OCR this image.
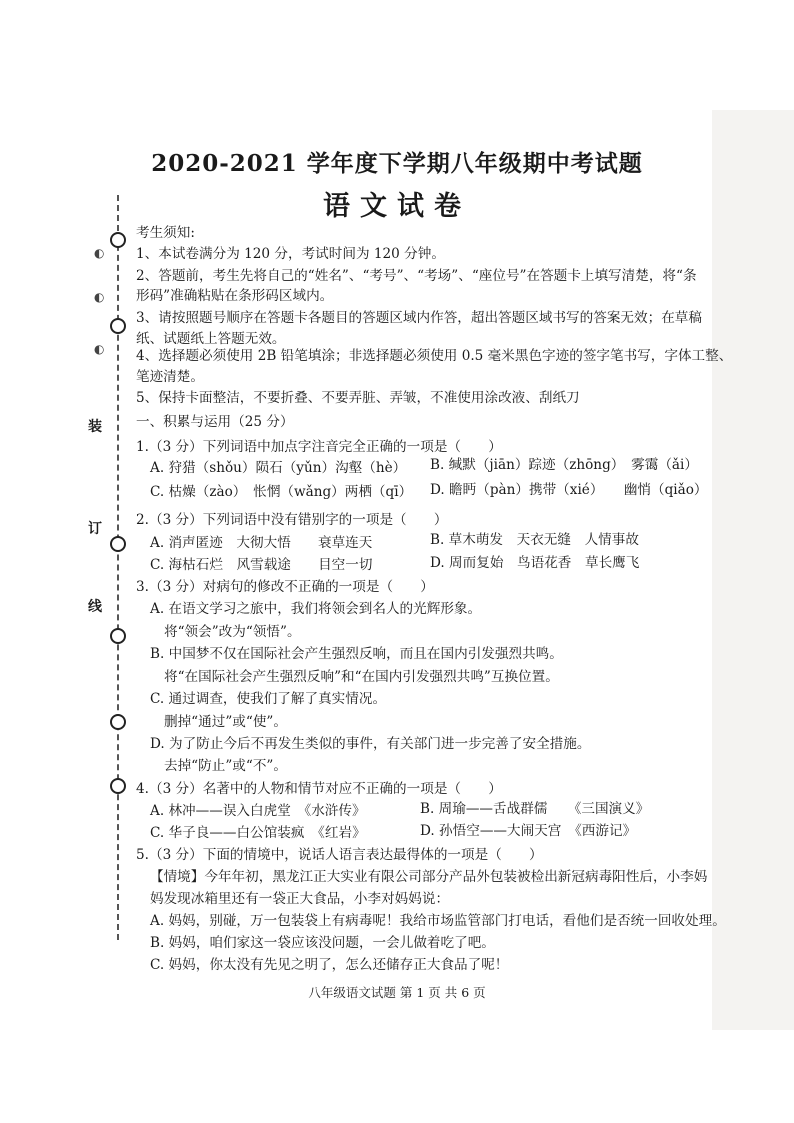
2020-2021 学年度下学期八年级期中考试题
语文试卷
◐
◐
◐
装
订
线
考生须知:
1、本试卷满分为 120 分，考试时间为 120 分钟。
2、答题前，考生先将自己的“姓名”、“考号”、“考场”、“座位号”在答题卡上填写清楚，将“条
形码”准确粘贴在条形码区域内。
3、请按照题号顺序在答题卡各题目的答题区域内作答，超出答题区域书写的答案无效；在草稿
纸、试题纸上答题无效。
4、选择题必须使用 2B 铅笔填涂；非选择题必须使用 0.5 毫米黑色字迹的签字笔书写，字体工整、
笔迹清楚。
5、保持卡面整洁，不要折叠、不要弄脏、弄皱，不准使用涂改液、刮纸刀
一、积累与运用（25 分）
1.（3 分）下列词语中加点字注音完全正确的一项是（　　）
A. 狩猎（shǒu）陨石（yǔn）沟壑（hè） B. 缄默（jiān）踪迹（zhōng）　雾霭（ǎi）
C. 枯燥（zào）　怅惘（wǎng）两栖（qī） D. 瞻眄（pàn）携带（xié）　　幽悄（qiǎo）
2.（3 分）下列词语中没有错别字的一项是（　　）
A. 消声匿迹　大彻大悟　　衰草连天	B. 草木萌发　天衣无缝　人情事故
C. 海枯石烂　风雪载途　　目空一切	D. 周而复始　鸟语花香　草长鹰飞
3.（3 分）对病句的修改不正确的一项是（　　）
A. 在语文学习之旅中，我们将领会到名人的光辉形象。
将“领会”改为“领悟”。
B. 中国梦不仅在国际社会产生强烈反响，而且在国内引发强烈共鸣。
将“在国际社会产生强烈反响”和“在国内引发强烈共鸣”互换位置。
C. 通过调查，使我们了解了真实情况。
删掉“通过”或“使”。
D. 为了防止今后不再发生类似的事件，有关部门进一步完善了安全措施。
去掉“防止”或“不”。
4.（3 分）名著中的人物和情节对应不正确的一项是（　　）
A. 林冲——误入白虎堂　《水浒传》	B. 周瑜——舌战群儒　　《三国演义》
C. 华子良——白公馆装疯　《红岩》	D. 孙悟空——大闹天宫　《西游记》
5.（3 分）下面的情境中，说话人语言表达最得体的一项是（　　）
【情境】今年年初，黑龙江正大实业有限公司部分产品外包装被检出新冠病毒阳性后，小李妈
妈发现冰箱里还有一袋正大食品，小李对妈妈说：
A. 妈妈，别碰，万一包装袋上有病毒呢！我给市场监管部门打电话，看他们是否统一回收处理。
B. 妈妈，咱们家这一袋应该没问题，一会儿做着吃了吧。
C. 妈妈，你太没有先见之明了，怎么还储存正大食品了呢！
八年级语文试题 第 1 页 共 6 页
